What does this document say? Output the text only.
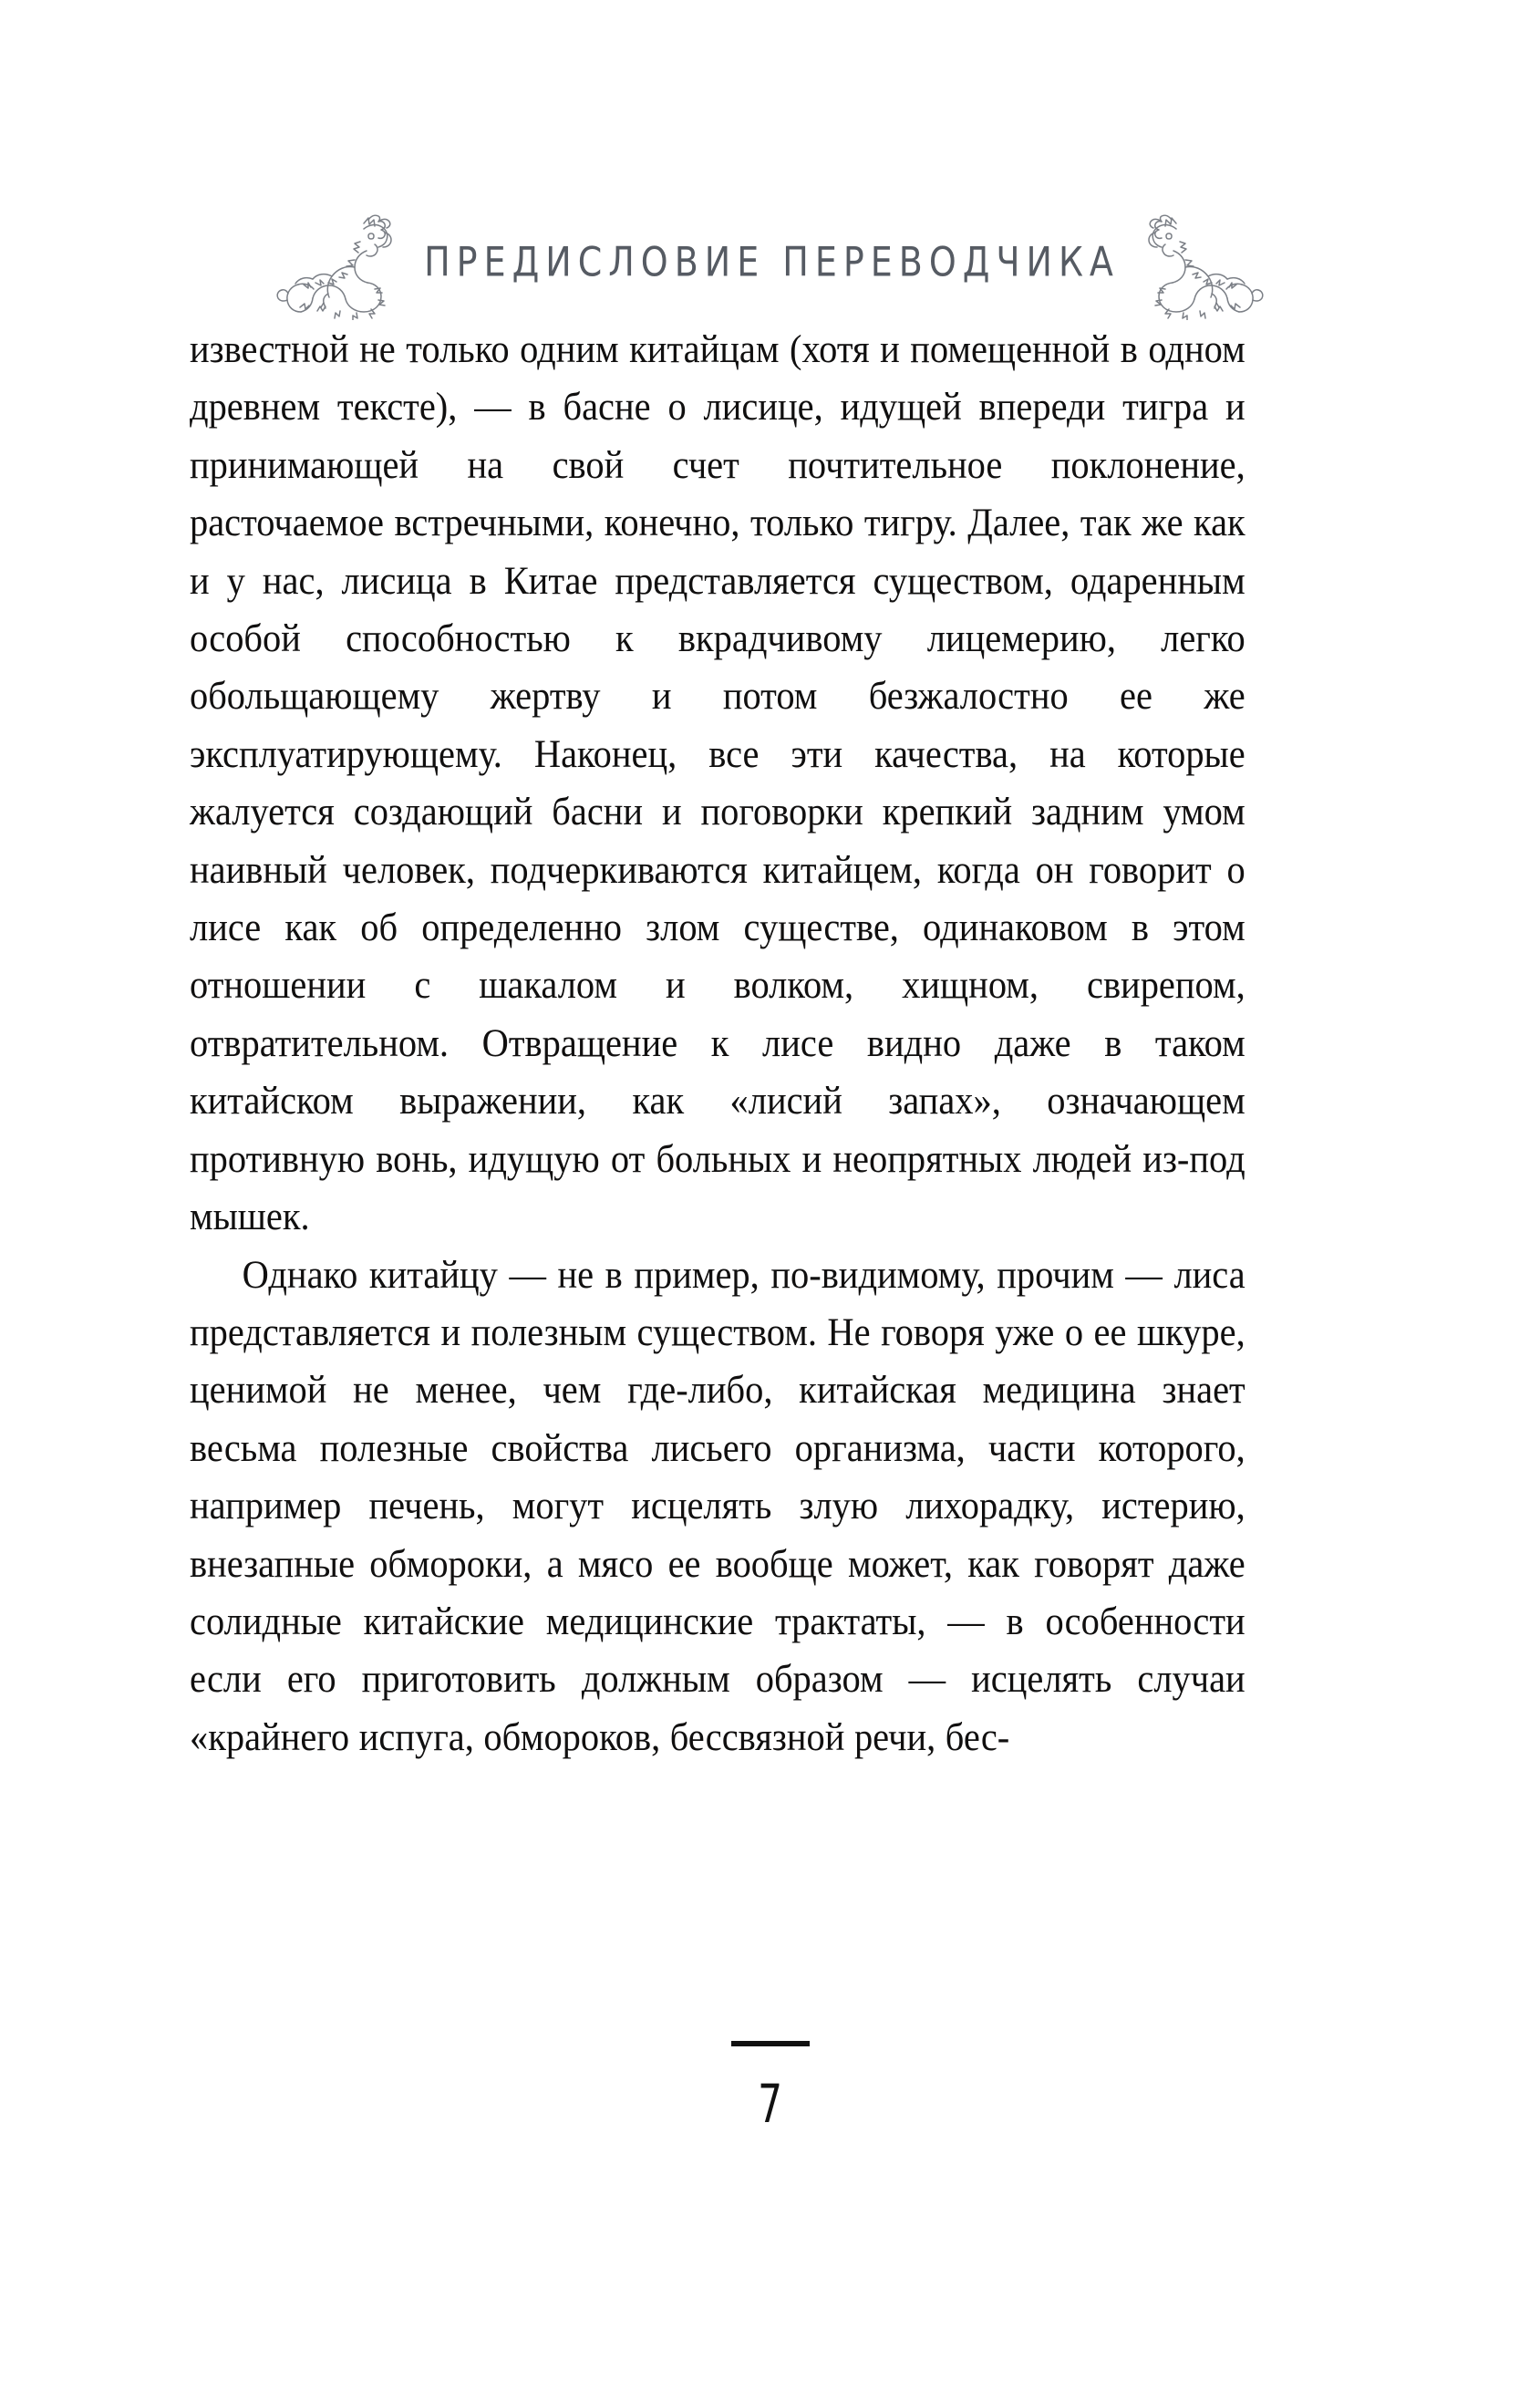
ПРЕДИСЛОВИЕ ПЕРЕВОДЧИКА

известной не только одним китайцам (хотя и помещенной в одном древнем тексте), — в басне о лисице, идущей впереди тигра и принимающей на свой счет почтительное поклонение, расточаемое встречными, конечно, только тигру. Далее, так же как и у нас, лисица в Китае представляется существом, одаренным особой способностью к вкрадчивому лицемерию, легко обольщающему жертву и потом безжалостно ее же эксплуатирующему. Наконец, все эти качества, на которые жалуется создающий басни и поговорки крепкий задним умом наивный человек, подчеркиваются китайцем, когда он говорит о лисе как об определенно злом существе, одинаковом в этом отношении с шакалом и волком, хищном, свирепом, отвратительном. Отвращение к лисе видно даже в таком китайском выражении, как «лисий запах», означающем противную вонь, идущую от больных и неопрятных людей из-под мышек.

Однако китайцу — не в пример, по-видимому, прочим — лиса представляется и полезным существом. Не говоря уже о ее шкуре, ценимой не менее, чем где-либо, китайская медицина знает весьма полезные свойства лисьего организма, части которого, например печень, могут исцелять злую лихорадку, истерию, внезапные обмороки, а мясо ее вообще может, как говорят даже солидные китайские медицинские трактаты, — в особенности если его приготовить должным образом — исцелять случаи «крайнего испуга, обмороков, бессвязной речи, бес-

7
